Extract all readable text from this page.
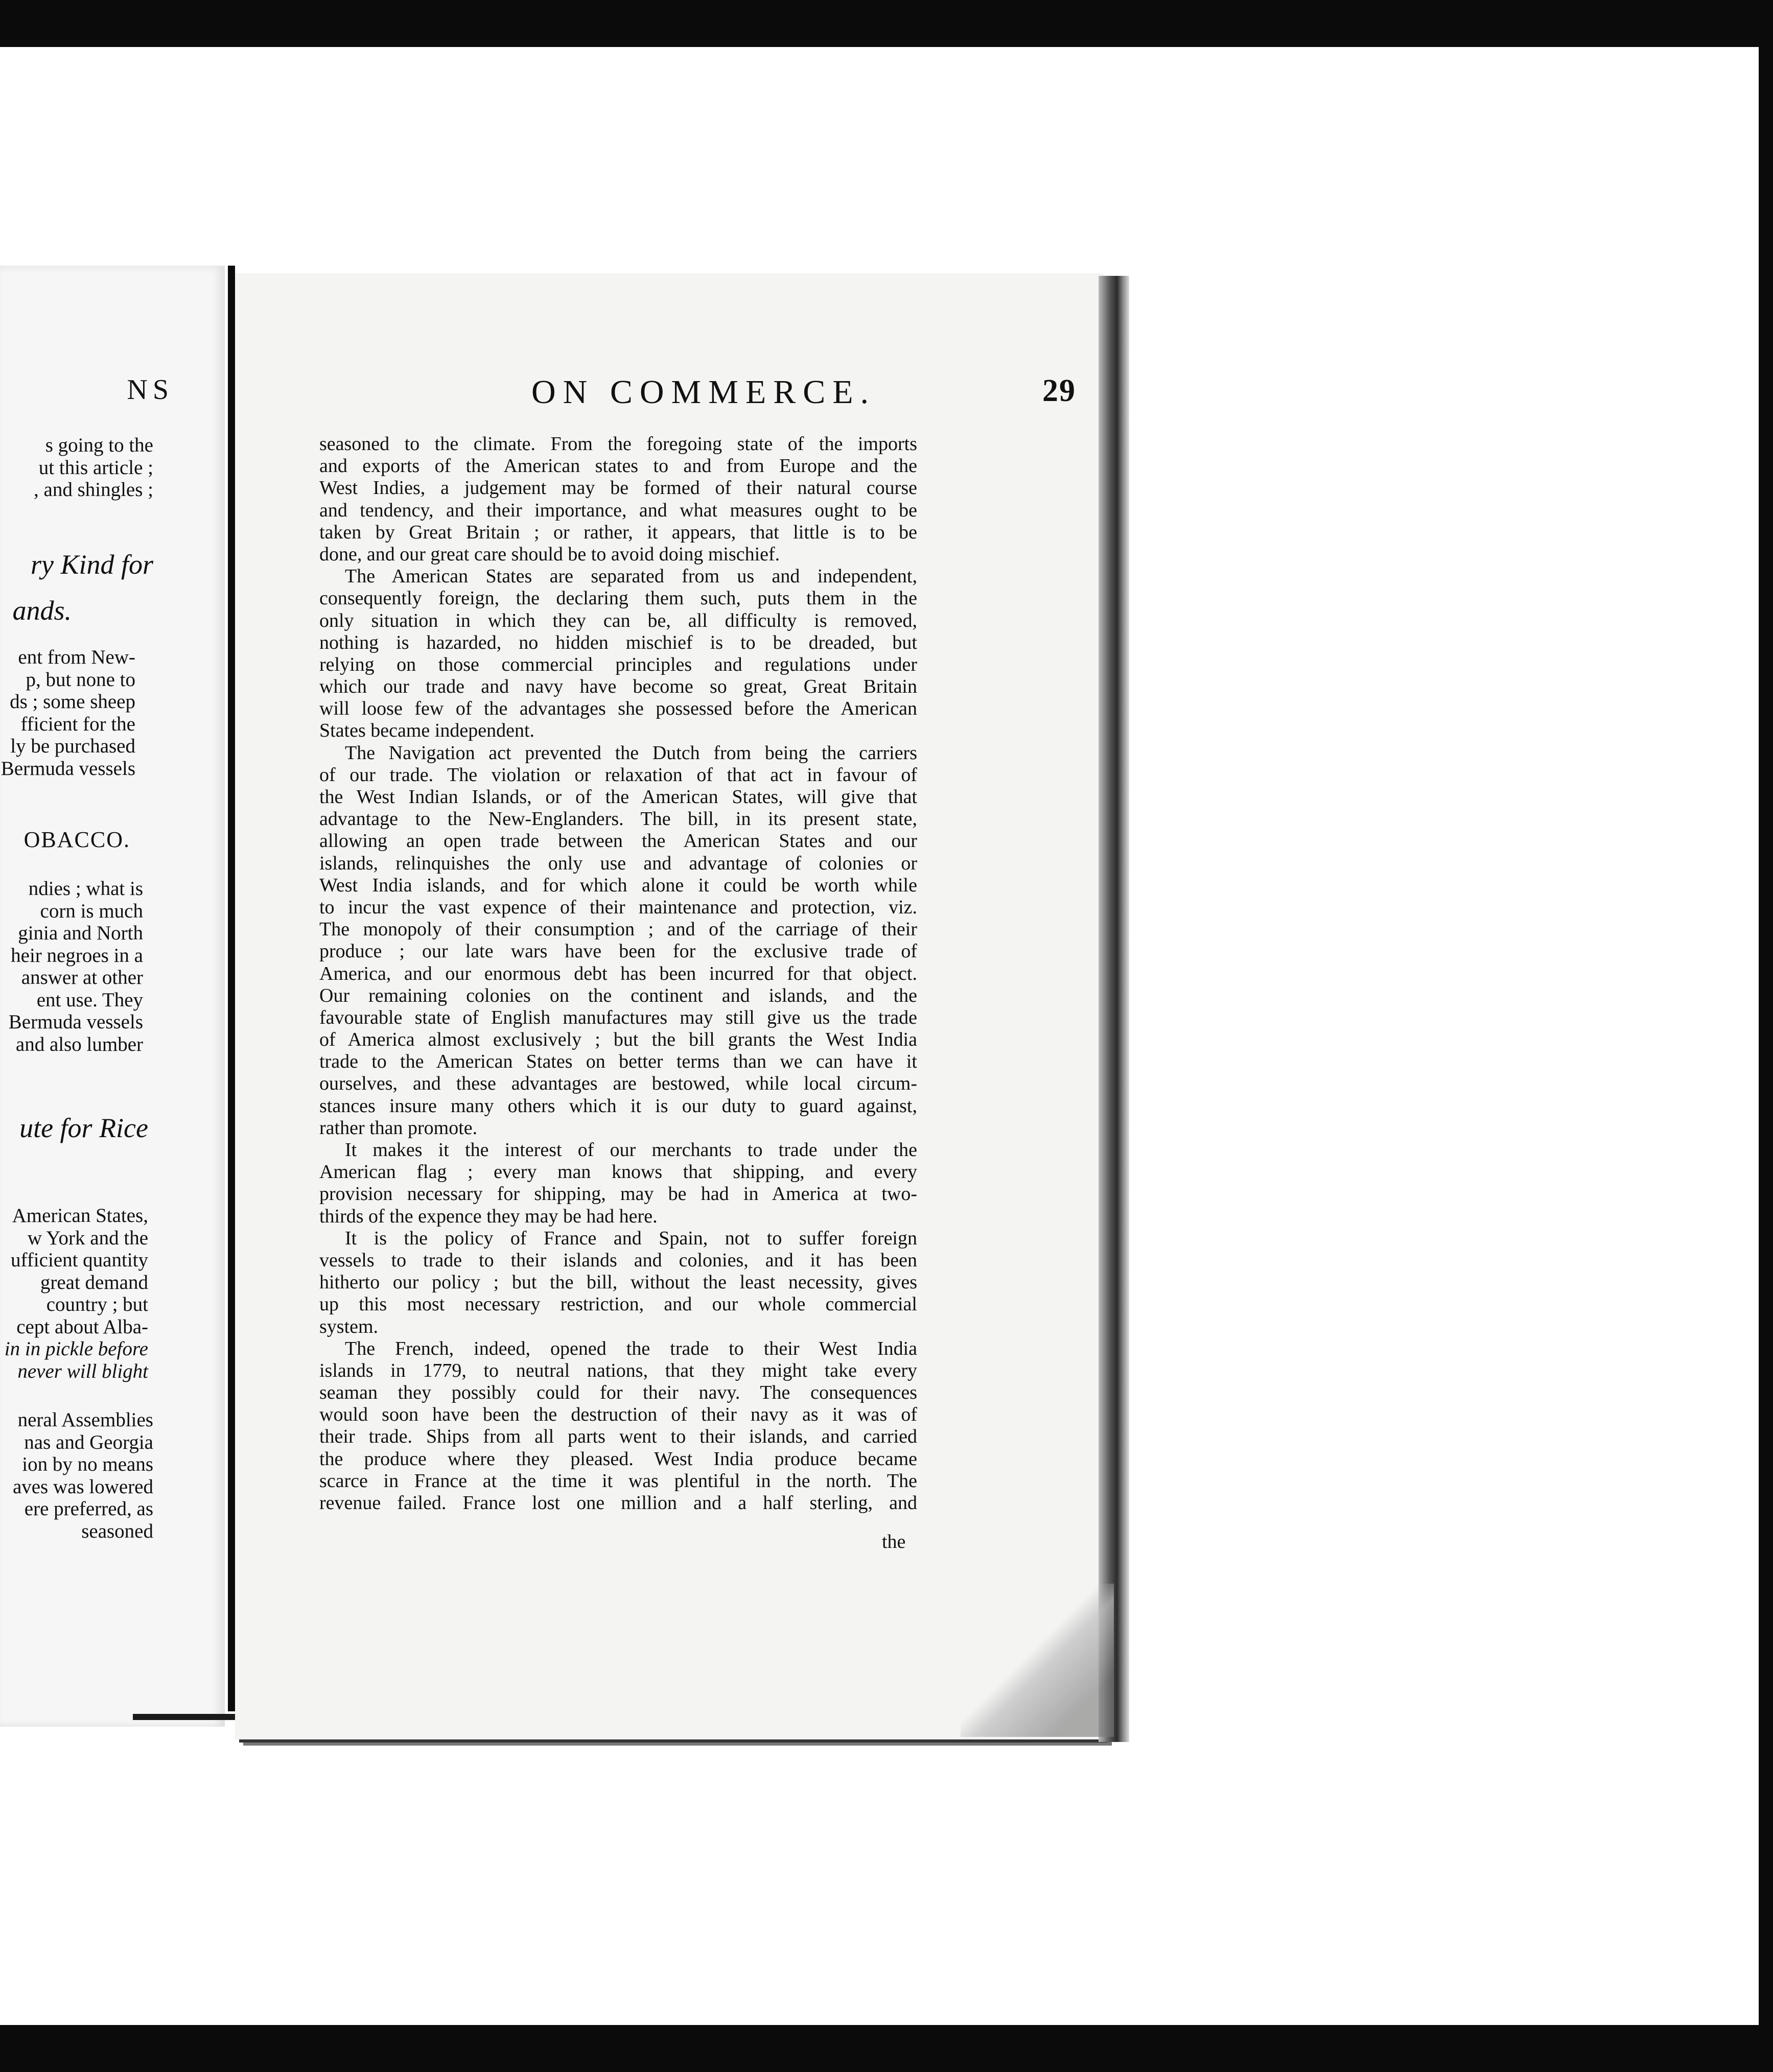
NS
s going to the
ut this article ;
, and shingles ;
ry Kind for
ands.
ent from New-
p, but none to
ds ; some sheep
fficient for the
ly be purchased
Bermuda vessels
OBACCO.
ndies ; what is
corn is much
ginia and North
heir negroes in a
answer at other
ent use. They
Bermuda vessels
and also lumber
ute for Rice
American States,
w York and the
ufficient quantity
great demand
country ; but
cept about Alba-
in in pickle before
never will blight
neral Assemblies
nas and Georgia
ion by no means
aves was lowered
ere preferred, as
seasoned
ON COMMERCE.	29
seasoned to the climate. From the foregoing state of the imports
and exports of the American states to and from Europe and the
West Indies, a judgement may be formed of their natural course
and tendency, and their importance, and what measures ought to be
taken by Great Britain ; or rather, it appears, that little is to be
done, and our great care should be to avoid doing mischief.
The American States are separated from us and independent,
consequently foreign, the declaring them such, puts them in the
only situation in which they can be, all difficulty is removed,
nothing is hazarded, no hidden mischief is to be dreaded, but
relying on those commercial principles and regulations under
which our trade and navy have become so great, Great Britain
will loose few of the advantages she possessed before the American
States became independent.
The Navigation act prevented the Dutch from being the carriers
of our trade. The violation or relaxation of that act in favour of
the West Indian Islands, or of the American States, will give that
advantage to the New-Englanders. The bill, in its present state,
allowing an open trade between the American States and our
islands, relinquishes the only use and advantage of colonies or
West India islands, and for which alone it could be worth while
to incur the vast expence of their maintenance and protection, viz.
The monopoly of their consumption ; and of the carriage of their
produce ; our late wars have been for the exclusive trade of
America, and our enormous debt has been incurred for that object.
Our remaining colonies on the continent and islands, and the
favourable state of English manufactures may still give us the trade
of America almost exclusively ; but the bill grants the West India
trade to the American States on better terms than we can have it
ourselves, and these advantages are bestowed, while local circum-
stances insure many others which it is our duty to guard against,
rather than promote.
It makes it the interest of our merchants to trade under the
American flag ; every man knows that shipping, and every
provision necessary for shipping, may be had in America at two-
thirds of the expence they may be had here.
It is the policy of France and Spain, not to suffer foreign
vessels to trade to their islands and colonies, and it has been
hitherto our policy ; but the bill, without the least necessity, gives
up this most necessary restriction, and our whole commercial
system.
The French, indeed, opened the trade to their West India
islands in 1779, to neutral nations, that they might take every
seaman they possibly could for their navy. The consequences
would soon have been the destruction of their navy as it was of
their trade. Ships from all parts went to their islands, and carried
the produce where they pleased. West India produce became
scarce in France at the time it was plentiful in the north. The
revenue failed. France lost one million and a half sterling, and
the
